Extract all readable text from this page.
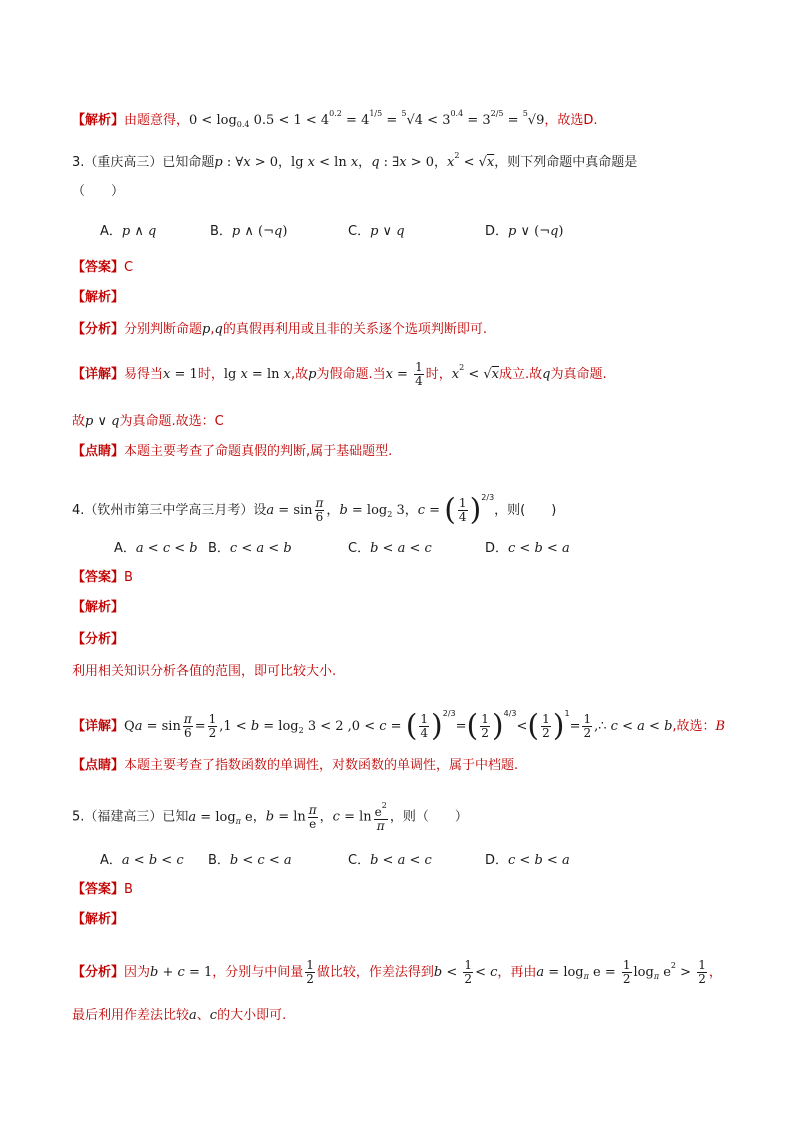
【解析】由题意得，$0 < \log_{0.4} 0.5 < 1 < 4^{0.2} = 4^{1/5} = ^5√4 < 3^{0.4} = 3^{2/5} = ^5√9$，故选D.
3.（重庆高三）已知命题p : ∀x > 0，lg x < ln x，q : ∃x > 0，$x^2 < √x$，则下列命题中真命题是
（　　）
A．p ∧ q	B．p ∧ (¬q)	C．p ∨ q	D．p ∨ (¬q)
【答案】C
【解析】
【分析】分别判断命题p,q的真假再利用或且非的关系逐个选项判断即可.
【详解】易得当x = 1时，lg x = ln x,故p为假命题.当$x = \frac{1}{4}$ 时，$x^2 < √x$成立.故q为真命题.
故p ∨ q为真命题.故选：C
【点睛】本题主要考查了命题真假的判断,属于基础题型.
4.（钦州市第三中学高三月考）设$a = \sin \frac{\pi}{6}$ ，$b = \log_2 3$，c = ( $\frac{1}{4} )^{2/3}$，则(　　)
A．a < c < b B．c < a < b	C．b < a < c	D．c < b < a
【答案】B
【解析】
【分析】
利用相关知识分析各值的范围，即可比较大小.
【详解】$Qa = \sin \frac{\pi}{6} = \frac{1}{2} ,1 < b = \log_2 3 < 2$ ,0 < c = ( $\frac{1}{4} )^{2/3}=( \frac{1}{2} )^{4/3}<( \frac{1}{2} )^1= \frac{1}{2}$ ,∴ c < a < b,故选：B
【点睛】本题主要考查了指数函数的单调性，对数函数的单调性，属于中档题.
5.（福建高三）已知$a = \log_\pi e$，$b = \ln \frac{\pi}{e}$ ，$c = \ln \frac{e^2}{\pi}$ ，则（　　）
A．a < b < c B．b < c < a	C．b < a < c	D．c < b < a
【答案】B
【解析】
【分析】因为b + c = 1，分别与中间量 $\frac{1}{2}$ 做比较，作差法得到$b < \frac{1}{2} < c$，再由$a = \log_\pi e = \frac{1}{2} \log_\pi e^2 > \frac{1}{2}$ ，
最后利用作差法比较a、c的大小即可.
